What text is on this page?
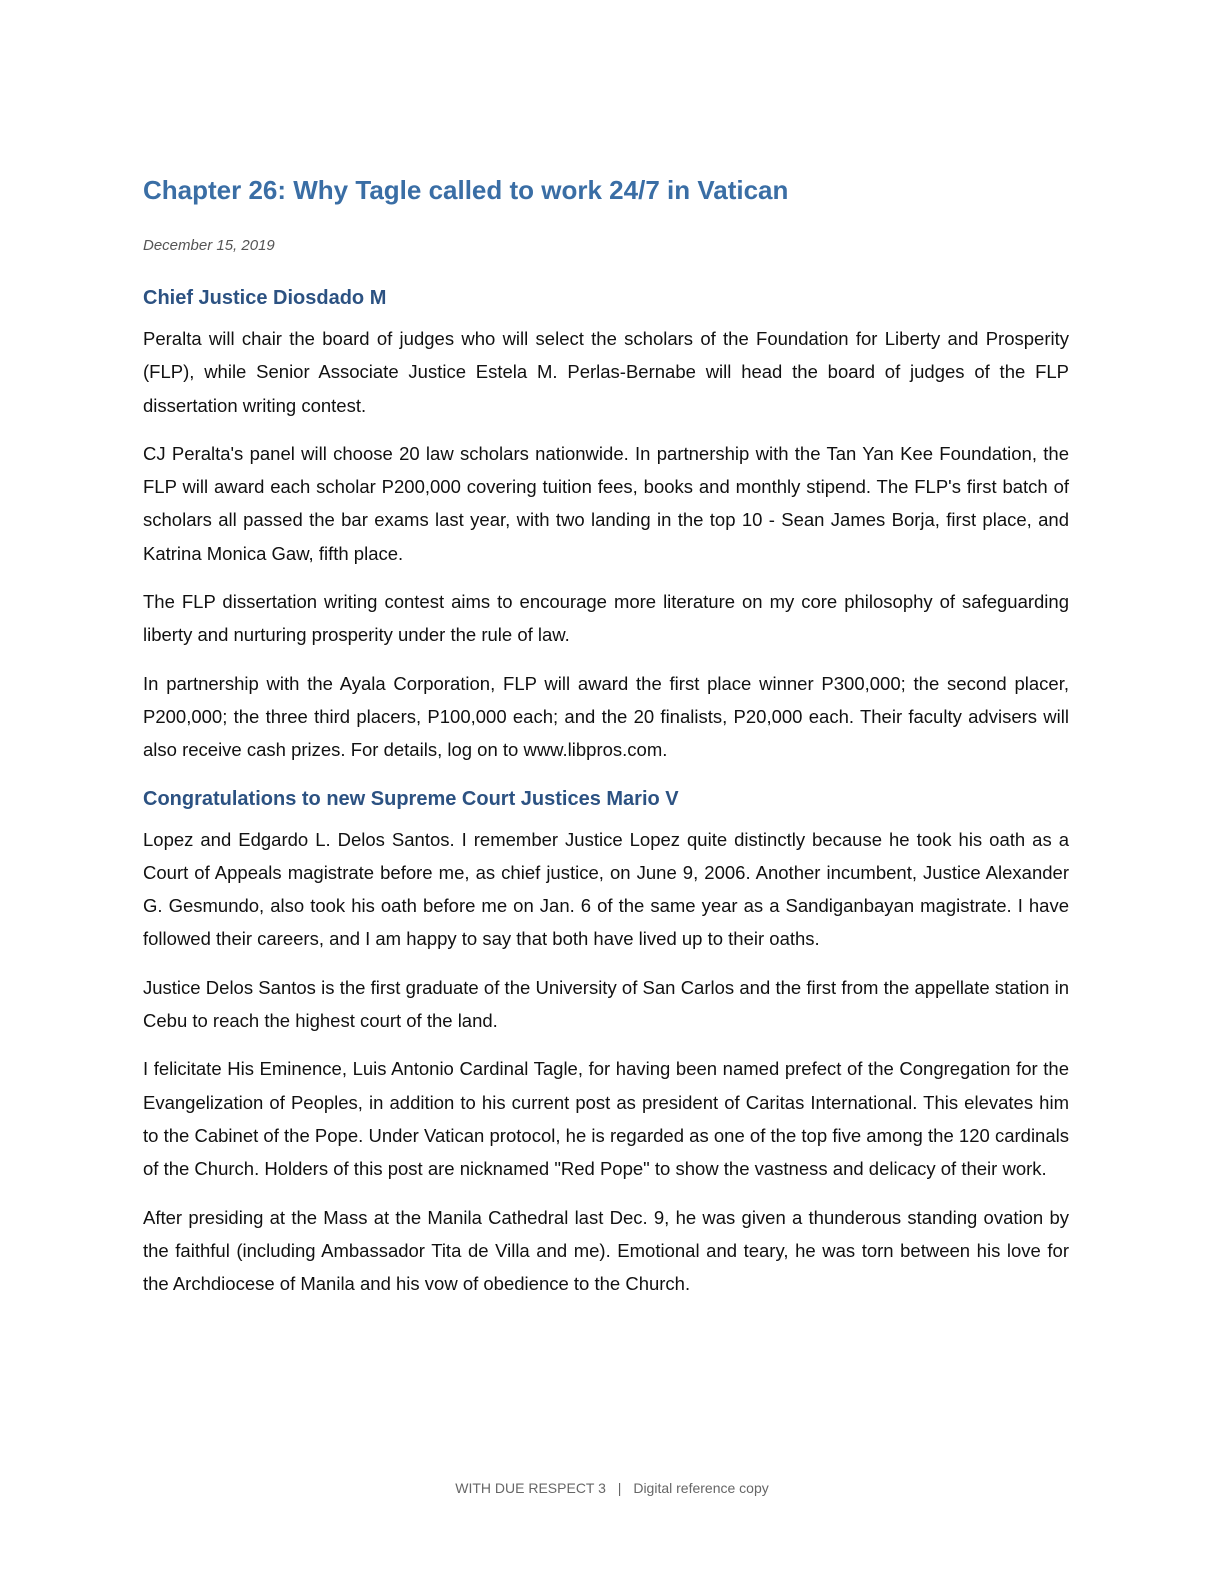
Chapter 26: Why Tagle called to work 24/7 in Vatican
December 15, 2019
Chief Justice Diosdado M

Peralta will chair the board of judges who will select the scholars of the Foundation for Liberty and Prosperity (FLP), while Senior Associate Justice Estela M. Perlas-Bernabe will head the board of judges of the FLP dissertation writing contest.

CJ Peralta's panel will choose 20 law scholars nationwide. In partnership with the Tan Yan Kee Foundation, the FLP will award each scholar P200,000 covering tuition fees, books and monthly stipend. The FLP's first batch of scholars all passed the bar exams last year, with two landing in the top 10 - Sean James Borja, first place, and Katrina Monica Gaw, fifth place.

The FLP dissertation writing contest aims to encourage more literature on my core philosophy of safeguarding liberty and nurturing prosperity under the rule of law.

In partnership with the Ayala Corporation, FLP will award the first place winner P300,000; the second placer, P200,000; the three third placers, P100,000 each; and the 20 finalists, P20,000 each. Their faculty advisers will also receive cash prizes. For details, log on to www.libpros.com.

Congratulations to new Supreme Court Justices Mario V

Lopez and Edgardo L. Delos Santos. I remember Justice Lopez quite distinctly because he took his oath as a Court of Appeals magistrate before me, as chief justice, on June 9, 2006. Another incumbent, Justice Alexander G. Gesmundo, also took his oath before me on Jan. 6 of the same year as a Sandiganbayan magistrate. I have followed their careers, and I am happy to say that both have lived up to their oaths.

Justice Delos Santos is the first graduate of the University of San Carlos and the first from the appellate station in Cebu to reach the highest court of the land.

I felicitate His Eminence, Luis Antonio Cardinal Tagle, for having been named prefect of the Congregation for the Evangelization of Peoples, in addition to his current post as president of Caritas International. This elevates him to the Cabinet of the Pope. Under Vatican protocol, he is regarded as one of the top five among the 120 cardinals of the Church. Holders of this post are nicknamed "Red Pope" to show the vastness and delicacy of their work.

After presiding at the Mass at the Manila Cathedral last Dec. 9, he was given a thunderous standing ovation by the faithful (including Ambassador Tita de Villa and me). Emotional and teary, he was torn between his love for the Archdiocese of Manila and his vow of obedience to the Church.

WITH DUE RESPECT 3 | Digital reference copy
